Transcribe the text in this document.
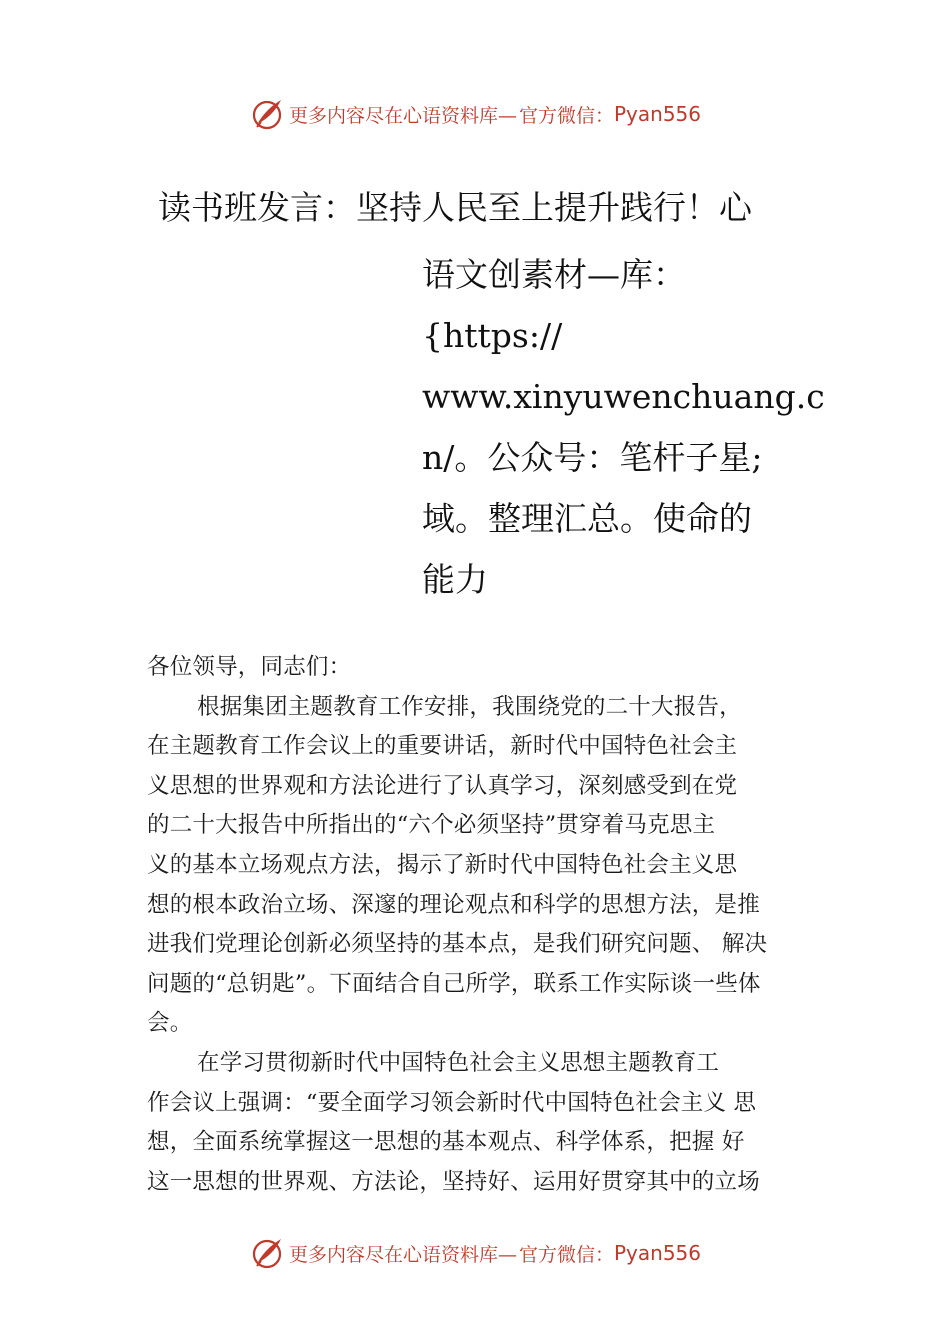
更多内容尽在心语资料库— 官方微信： Pyan556
读书班发言：坚持人民至上提升践行！心
语文创素材—库：
{https://
www.xinyuwenchuang.c
n/。公众号：笔杆子星;
域。整理汇总。使命的
能力
各位领导，同志们：
根据集团主题教育工作安排，我围绕党的二十大报告，
在主题教育工作会议上的重要讲话，新时代中国特色社会主
义思想的世界观和方法论进行了认真学习，深刻感受到在党
的二十大报告中所指出的“六个必须坚持”贯穿着马克思主
义的基本立场观点方法，揭示了新时代中国特色社会主义思
想的根本政治立场、深邃的理论观点和科学的思想方法，是推
进我们党理论创新必须坚持的基本点，是我们研究问题、 解决
问题的“总钥匙”。下面结合自己所学，联系工作实际谈一些体
会。
在学习贯彻新时代中国特色社会主义思想主题教育工
作会议上强调：“要全面学习领会新时代中国特色社会主义 思
想，全面系统掌握这一思想的基本观点、科学体系，把握 好
这一思想的世界观、方法论，坚持好、运用好贯穿其中的立场
更多内容尽在心语资料库— 官方微信： Pyan556
